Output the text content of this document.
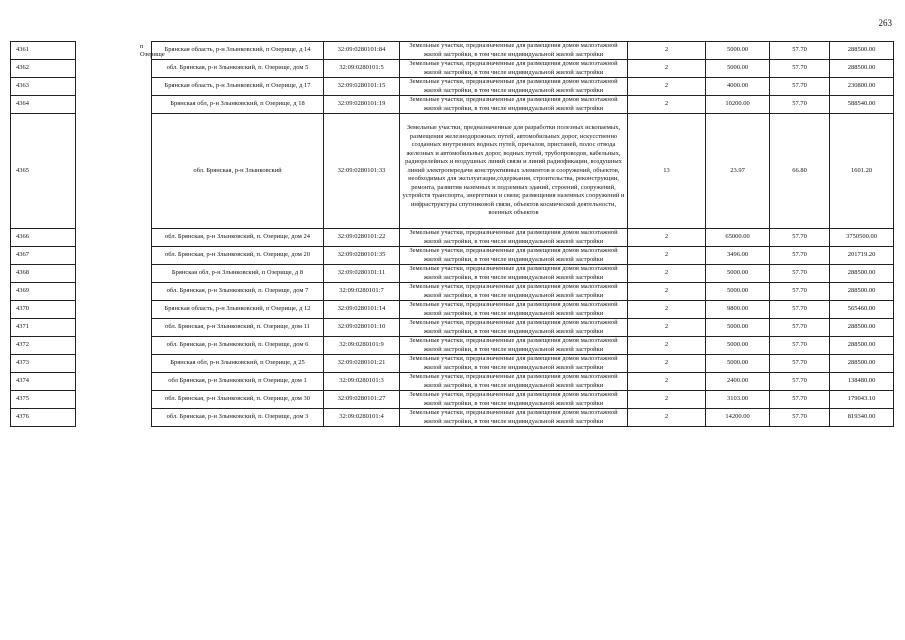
263
4361	п Озерище	Брянская область, р-н Злынковский, п Озерище, д 14	32:09:0280101:84	Земельные участки, предназначенные для размещения домов малоэтажной жилой застройки, в том числе индивидуальной жилой застройки	2	5000.00	57.70	288500.00
4362		обл. Брянская, р-н Злынковский, п. Озерище, дом 5	32:09:0280101:5	Земельные участки, предназначенные для размещения домов малоэтажной жилой застройки, в том числе индивидуальной жилой застройки	2	5000.00	57.70	288500.00
4363		Брянская область, р-н Злынковский, п Озерище, д 17	32:09:0280101:15	Земельные участки, предназначенные для размещения домов малоэтажной жилой застройки, в том числе индивидуальной жилой застройки	2	4000.00	57.70	230800.00
4364		Брянская обл, р-н Злынковский, п Озерище, д 18	32:09:0280101:19	Земельные участки, предназначенные для размещения домов малоэтажной жилой застройки, в том числе индивидуальной жилой застройки	2	10200.00	57.70	588540.00
4365		обл. Брянская, р-н Злынковский	32:09:0280101:33	Земельные участки, предназначенные для разработки полезных ископаемых, размещения железнодорожных путей, автомобильных дорог, искусственно созданных внутренних водных путей, причалов, пристаней, полос отвода железных и автомобильных дорог, водных путей, трубопроводов, кабельных, радиорелейных и воздушных линий связи и линий радиофикации, воздушных линий электропередачи конструктивных элементов и сооружений, объектов, необходимых для эксплуатации,содержания, строительства, реконструкции, ремонта, развития наземных и подземных зданий, строений, сооружений, устройств транспорта, энергетики и связи; размещения наземных сооружений и инфраструктуры спутниковой связи, объектов космической деятельности, военных объектов	13	23.97	66.80	1601.20
4366		обл. Брянская, р-н Злынковский, п. Озерище, дом 24	32:09:0280101:22	Земельные участки, предназначенные для размещения домов малоэтажной жилой застройки, в том числе индивидуальной жилой застройки	2	65000.00	57.70	3750500.00
4367		обл. Брянская, р-н Злынковский, п. Озерище, дом 20	32:09:0280101:35	Земельные участки, предназначенные для размещения домов малоэтажной жилой застройки, в том числе индивидуальной жилой застройки	2	3496.00	57.70	201719.20
4368		Брянская обл, р-н Злынковский, п Озерище, д 8	32:09:0280101:11	Земельные участки, предназначенные для размещения домов малоэтажной жилой застройки, в том числе индивидуальной жилой застройки	2	5000.00	57.70	288500.00
4369		обл. Брянская, р-н Злынковский, п. Озерище, дом 7	32:09:0280101:7	Земельные участки, предназначенные для размещения домов малоэтажной жилой застройки, в том числе индивидуальной жилой застройки	2	5000.00	57.70	288500.00
4370		Брянская область, р-н Злынковский, п Озерище, д 12	32:09:0280101:14	Земельные участки, предназначенные для размещения домов малоэтажной жилой застройки, в том числе индивидуальной жилой застройки	2	9800.00	57.70	565460.00
4371		обл. Брянская, р-н Злынковский, п. Озерище, дом 11	32:09:0280101:10	Земельные участки, предназначенные для размещения домов малоэтажной жилой застройки, в том числе индивидуальной жилой застройки	2	5000.00	57.70	288500.00
4372		обл. Брянская, р-н Злынковский, п. Озерище, дом 6	32:09:0280101:9	Земельные участки, предназначенные для размещения домов малоэтажной жилой застройки, в том числе индивидуальной жилой застройки	2	5000.00	57.70	288500.00
4373		Брянская обл, р-н Злынковский, п Озерище, д 25	32:09:0280101:21	Земельные участки, предназначенные для размещения домов малоэтажной жилой застройки, в том числе индивидуальной жилой застройки	2	5000.00	57.70	288500.00
4374		обл Брянская, р-н Злынковский, п Озерище, дом 1	32:09:0280101:3	Земельные участки, предназначенные для размещения домов малоэтажной жилой застройки, в том числе индивидуальной жилой застройки	2	2400.00	57.70	138480.00
4375		обл. Брянская, р-н Злынковский, п. Озерище, дом 30	32:09:0280101:27	Земельные участки, предназначенные для размещения домов малоэтажной жилой застройки, в том числе индивидуальной жилой застройки	2	3103.00	57.70	179043.10
4376		обл. Брянская, р-н Злынковский, п. Озерище, дом 3	32:09:0280101:4	Земельные участки, предназначенные для размещения домов малоэтажной жилой застройки, в том числе индивидуальной жилой застройки	2	14200.00	57.70	819340.00
